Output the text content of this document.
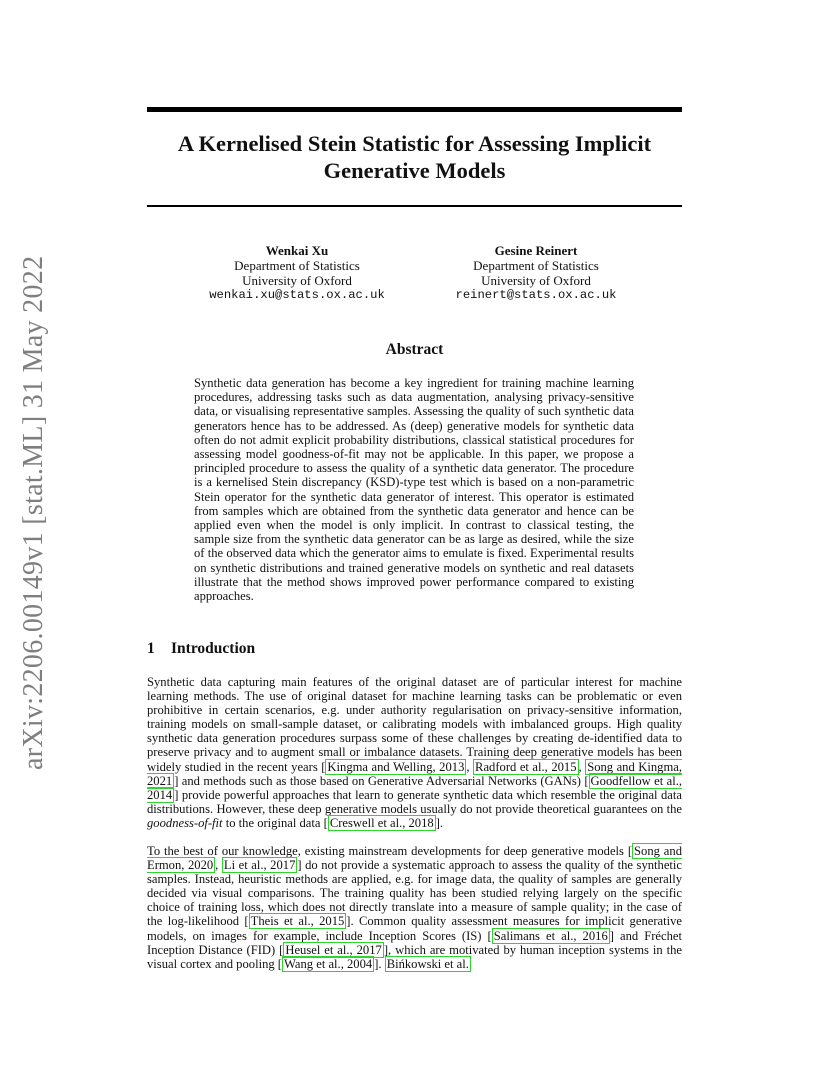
arXiv:2206.00149v1 [stat.ML] 31 May 2022
A Kernelised Stein Statistic for Assessing Implicit Generative Models
Wenkai Xu
Department of Statistics
University of Oxford
wenkai.xu@stats.ox.ac.uk
Gesine Reinert
Department of Statistics
University of Oxford
reinert@stats.ox.ac.uk
Abstract
Synthetic data generation has become a key ingredient for training machine learning procedures, addressing tasks such as data augmentation, analysing privacy-sensitive data, or visualising representative samples. Assessing the quality of such synthetic data generators hence has to be addressed. As (deep) generative models for synthetic data often do not admit explicit probability distributions, classical statistical procedures for assessing model goodness-of-fit may not be applicable. In this paper, we propose a principled procedure to assess the quality of a synthetic data generator. The procedure is a kernelised Stein discrepancy (KSD)-type test which is based on a non-parametric Stein operator for the synthetic data generator of interest. This operator is estimated from samples which are obtained from the synthetic data generator and hence can be applied even when the model is only implicit. In contrast to classical testing, the sample size from the synthetic data generator can be as large as desired, while the size of the observed data which the generator aims to emulate is fixed. Experimental results on synthetic distributions and trained generative models on synthetic and real datasets illustrate that the method shows improved power performance compared to existing approaches.
1 Introduction
Synthetic data capturing main features of the original dataset are of particular interest for machine learning methods. The use of original dataset for machine learning tasks can be problematic or even prohibitive in certain scenarios, e.g. under authority regularisation on privacy-sensitive information, training models on small-sample dataset, or calibrating models with imbalanced groups. High quality synthetic data generation procedures surpass some of these challenges by creating de-identified data to preserve privacy and to augment small or imbalance datasets. Training deep generative models has been widely studied in the recent years [ Kingma and Welling, 2013 , Radford et al., 2015 , Song and Kingma, 2021 ] and methods such as those based on Generative Adversarial Networks (GANs) [ Goodfellow et al., 2014 ] provide powerful approaches that learn to generate synthetic data which resemble the original data distributions. However, these deep generative models usually do not provide theoretical guarantees on the goodness-of-fit to the original data [ Creswell et al., 2018 ].
To the best of our knowledge, existing mainstream developments for deep generative models [ Song and Ermon, 2020 , Li et al., 2017 ] do not provide a systematic approach to assess the quality of the synthetic samples. Instead, heuristic methods are applied, e.g. for image data, the quality of samples are generally decided via visual comparisons. The training quality has been studied relying largely on the specific choice of training loss, which does not directly translate into a measure of sample quality; in the case of the log-likelihood [ Theis et al., 2015 ]. Common quality assessment measures for implicit generative models, on images for example, include Inception Scores (IS) [ Salimans et al., 2016 ] and Fréchet Inception Distance (FID) [ Heusel et al., 2017 ], which are motivated by human inception systems in the visual cortex and pooling [ Wang et al., 2004 ]. Bińkowski et al.
